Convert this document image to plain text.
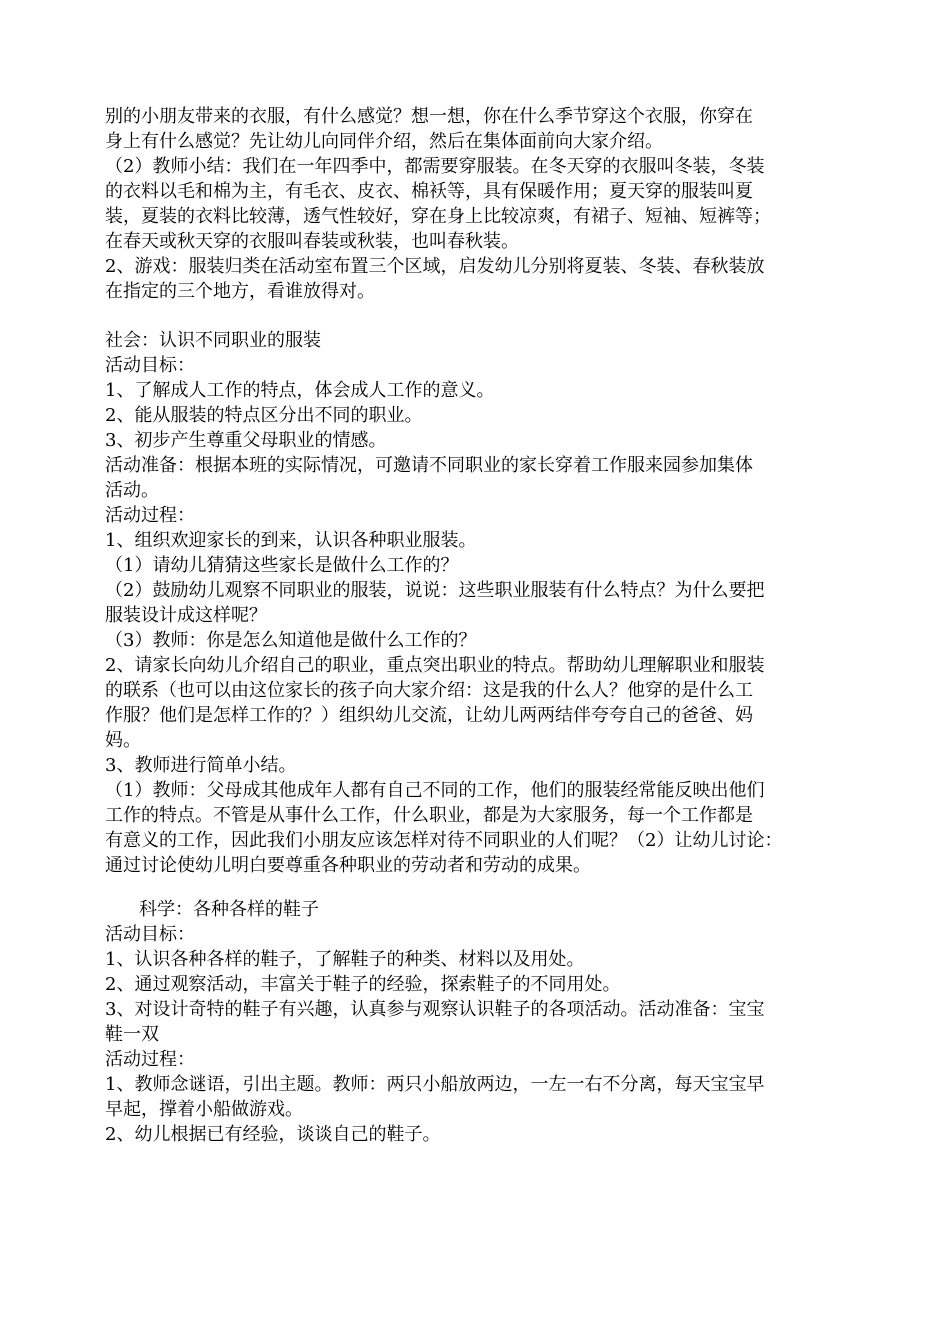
别的小朋友带来的衣服，有什么感觉？想一想，你在什么季节穿这个衣服，你穿在
身上有什么感觉？先让幼儿向同伴介绍，然后在集体面前向大家介绍。
（2）教师小结：我们在一年四季中，都需要穿服装。在冬天穿的衣服叫冬装，冬装
的衣料以毛和棉为主，有毛衣、皮衣、棉袄等，具有保暖作用；夏天穿的服装叫夏
装，夏装的衣料比较薄，透气性较好，穿在身上比较凉爽，有裙子、短袖、短裤等；
在春天或秋天穿的衣服叫春装或秋装，也叫春秋装。
2、游戏：服装归类在活动室布置三个区域，启发幼儿分别将夏装、冬装、春秋装放
在指定的三个地方，看谁放得对。
社会：认识不同职业的服装
活动目标：
1、了解成人工作的特点，体会成人工作的意义。
2、能从服装的特点区分出不同的职业。
3、初步产生尊重父母职业的情感。
活动准备：根据本班的实际情况，可邀请不同职业的家长穿着工作服来园参加集体
活动。
活动过程：
1、组织欢迎家长的到来，认识各种职业服装。
（1）请幼儿猜猜这些家长是做什么工作的？
（2）鼓励幼儿观察不同职业的服装，说说：这些职业服装有什么特点？为什么要把
服装设计成这样呢？
（3）教师：你是怎么知道他是做什么工作的？
2、请家长向幼儿介绍自己的职业，重点突出职业的特点。帮助幼儿理解职业和服装
的联系（也可以由这位家长的孩子向大家介绍：这是我的什么人？他穿的是什么工
作服？他们是怎样工作的？）组织幼儿交流，让幼儿两两结伴夸夸自己的爸爸、妈
妈。
3、教师进行简单小结。
（1）教师：父母成其他成年人都有自己不同的工作，他们的服装经常能反映出他们
工作的特点。不管是从事什么工作，什么职业，都是为大家服务，每一个工作都是
有意义的工作，因此我们小朋友应该怎样对待不同职业的人们呢？（2）让幼儿讨论：
通过讨论使幼儿明白要尊重各种职业的劳动者和劳动的成果。
科学：各种各样的鞋子
活动目标：
1、认识各种各样的鞋子，了解鞋子的种类、材料以及用处。
2、通过观察活动，丰富关于鞋子的经验，探索鞋子的不同用处。
3、对设计奇特的鞋子有兴趣，认真参与观察认识鞋子的各项活动。活动准备：宝宝
鞋一双
活动过程：
1、教师念谜语，引出主题。教师：两只小船放两边，一左一右不分离，每天宝宝早
早起，撑着小船做游戏。
2、幼儿根据已有经验，谈谈自己的鞋子。
